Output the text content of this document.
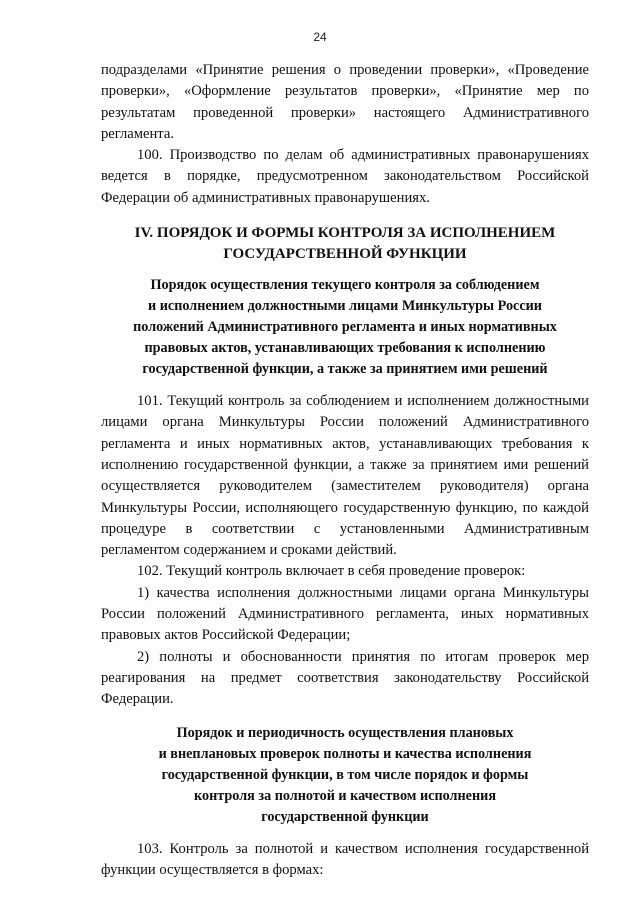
24

подразделами «Принятие решения о проведении проверки», «Проведение проверки», «Оформление результатов проверки», «Принятие мер по результатам проведенной проверки» настоящего Административного регламента.

100. Производство по делам об административных правонарушениях ведется в порядке, предусмотренном законодательством Российской Федерации об административных правонарушениях.

IV. ПОРЯДОК И ФОРМЫ КОНТРОЛЯ ЗА ИСПОЛНЕНИЕМ
ГОСУДАРСТВЕННОЙ ФУНКЦИИ
Порядок осуществления текущего контроля за соблюдением
и исполнением должностными лицами Минкультуры России
положений Административного регламента и иных нормативных
правовых актов, устанавливающих требования к исполнению
государственной функции, а также за принятием ими решений

101. Текущий контроль за соблюдением и исполнением должностными лицами органа Минкультуры России положений Административного регламента и иных нормативных актов, устанавливающих требования к исполнению государственной функции, а также за принятием ими решений осуществляется руководителем (заместителем руководителя) органа Минкультуры России, исполняющего государственную функцию, по каждой процедуре в соответствии с установленными Административным регламентом содержанием и сроками действий.

102. Текущий контроль включает в себя проведение проверок:

1) качества исполнения должностными лицами органа Минкультуры России положений Административного регламента, иных нормативных правовых актов Российской Федерации;

2) полноты и обоснованности принятия по итогам проверок мер реагирования на предмет соответствия законодательству Российской Федерации.

Порядок и периодичность осуществления плановых
и внеплановых проверок полноты и качества исполнения
государственной функции, в том числе порядок и формы
контроля за полнотой и качеством исполнения
государственной функции

103. Контроль за полнотой и качеством исполнения государственной функции осуществляется в формах:
